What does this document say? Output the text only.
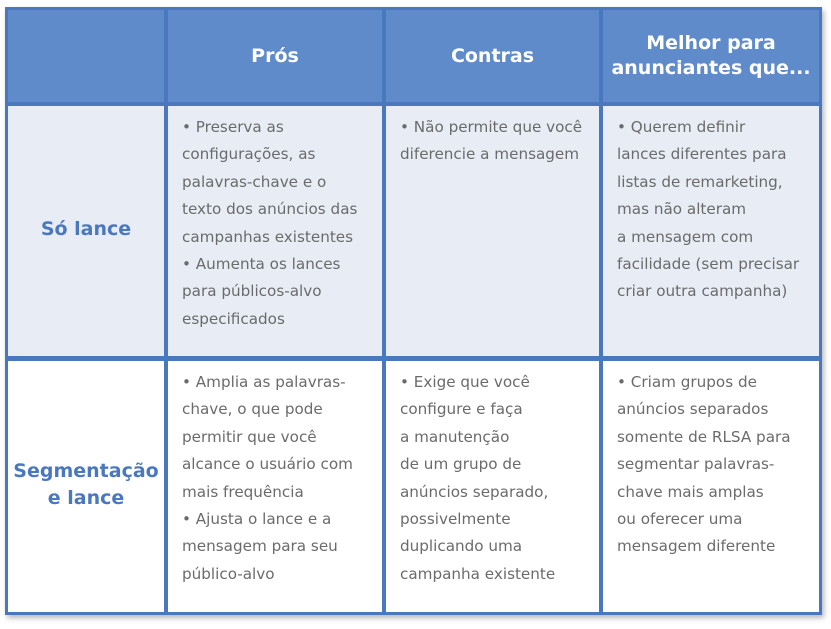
Prós	Contras
Melhor para
anunciantes que...
Só lance
• Preserva as
configurações, as
palavras-chave e o
texto dos anúncios das
campanhas existentes
• Aumenta os lances
para públicos-alvo
especificados
• Não permite que você
diferencie a mensagem
• Querem definir
lances diferentes para
listas de remarketing,
mas não alteram
a mensagem com
facilidade (sem precisar
criar outra campanha)
Segmentação
e lance
• Amplia as palavras-
chave, o que pode
permitir que você
alcance o usuário com
mais frequência
• Ajusta o lance e a
mensagem para seu
público-alvo
• Exige que você
configure e faça
a manutenção
de um grupo de
anúncios separado,
possivelmente
duplicando uma
campanha existente
• Criam grupos de
anúncios separados
somente de RLSA para
segmentar palavras-
chave mais amplas
ou oferecer uma
mensagem diferente
